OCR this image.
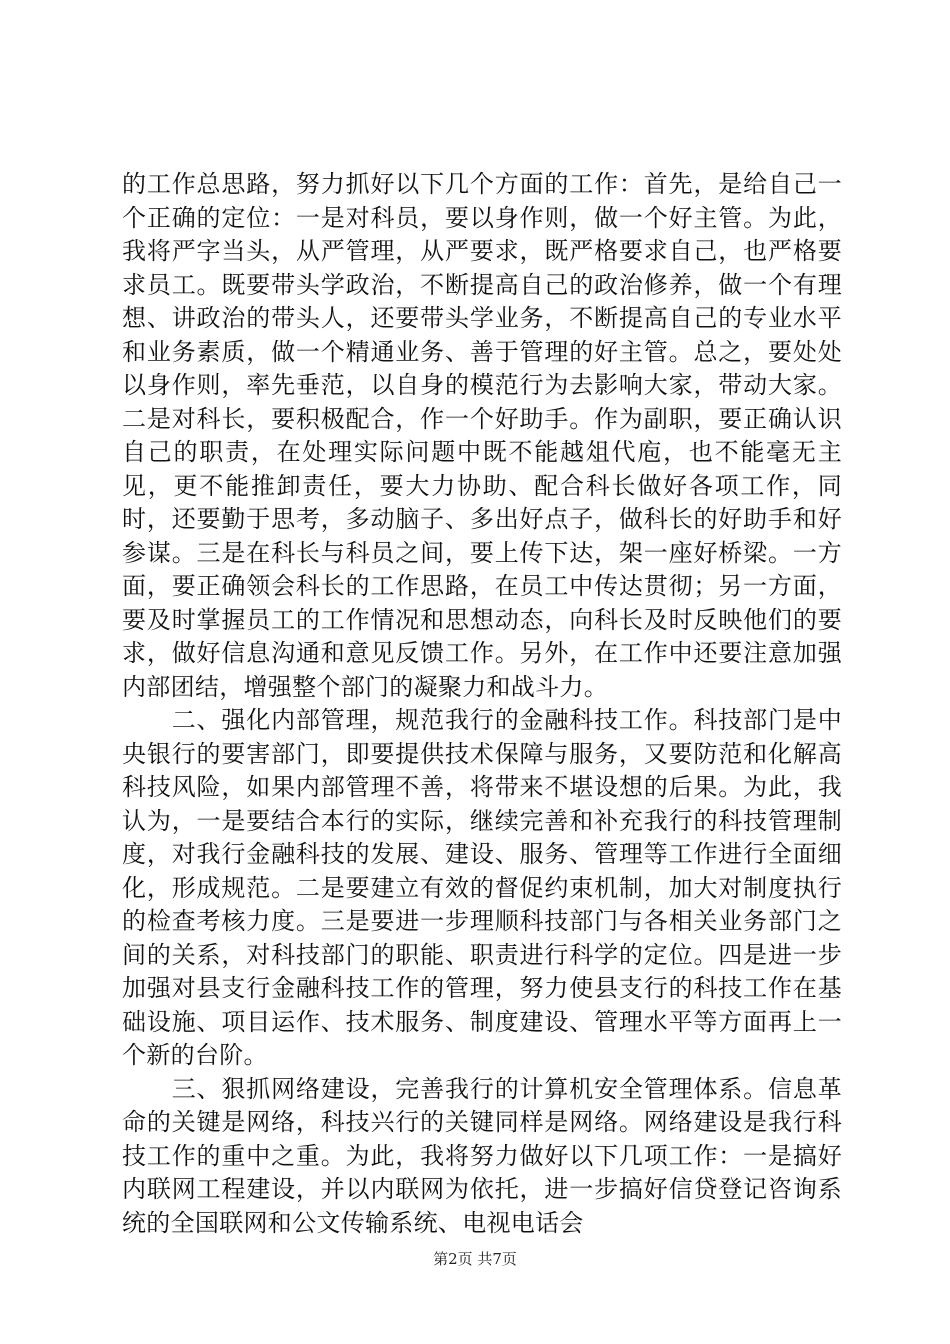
的工作总思路，努力抓好以下几个方面的工作：首先，是给自己一个正确的定位：一是对科员，要以身作则，做一个好主管。为此，我将严字当头，从严管理，从严要求，既严格要求自己，也严格要求员工。既要带头学政治，不断提高自己的政治修养，做一个有理想、讲政治的带头人，还要带头学业务，不断提高自己的专业水平和业务素质，做一个精通业务、善于管理的好主管。总之，要处处以身作则，率先垂范，以自身的模范行为去影响大家，带动大家。二是对科长，要积极配合，作一个好助手。作为副职，要正确认识自己的职责，在处理实际问题中既不能越俎代庖，也不能毫无主见，更不能推卸责任，要大力协助、配合科长做好各项工作，同时，还要勤于思考，多动脑子、多出好点子，做科长的好助手和好参谋。三是在科长与科员之间，要上传下达，架一座好桥梁。一方面，要正确领会科长的工作思路，在员工中传达贯彻；另一方面，要及时掌握员工的工作情况和思想动态，向科长及时反映他们的要求，做好信息沟通和意见反馈工作。另外，在工作中还要注意加强内部团结，增强整个部门的凝聚力和战斗力。

　　二、强化内部管理，规范我行的金融科技工作。科技部门是中央银行的要害部门，即要提供技术保障与服务，又要防范和化解高科技风险，如果内部管理不善，将带来不堪设想的后果。为此，我认为，一是要结合本行的实际，继续完善和补充我行的科技管理制度，对我行金融科技的发展、建设、服务、管理等工作进行全面细化，形成规范。二是要建立有效的督促约束机制，加大对制度执行的检查考核力度。三是要进一步理顺科技部门与各相关业务部门之间的关系，对科技部门的职能、职责进行科学的定位。四是进一步加强对县支行金融科技工作的管理，努力使县支行的科技工作在基础设施、项目运作、技术服务、制度建设、管理水平等方面再上一个新的台阶。

　　三、狠抓网络建设，完善我行的计算机安全管理体系。信息革命的关键是网络，科技兴行的关键同样是网络。网络建设是我行科技工作的重中之重。为此，我将努力做好以下几项工作：一是搞好内联网工程建设，并以内联网为依托，进一步搞好信贷登记咨询系统的全国联网和公文传输系统、电视电话会

第2页 共7页
